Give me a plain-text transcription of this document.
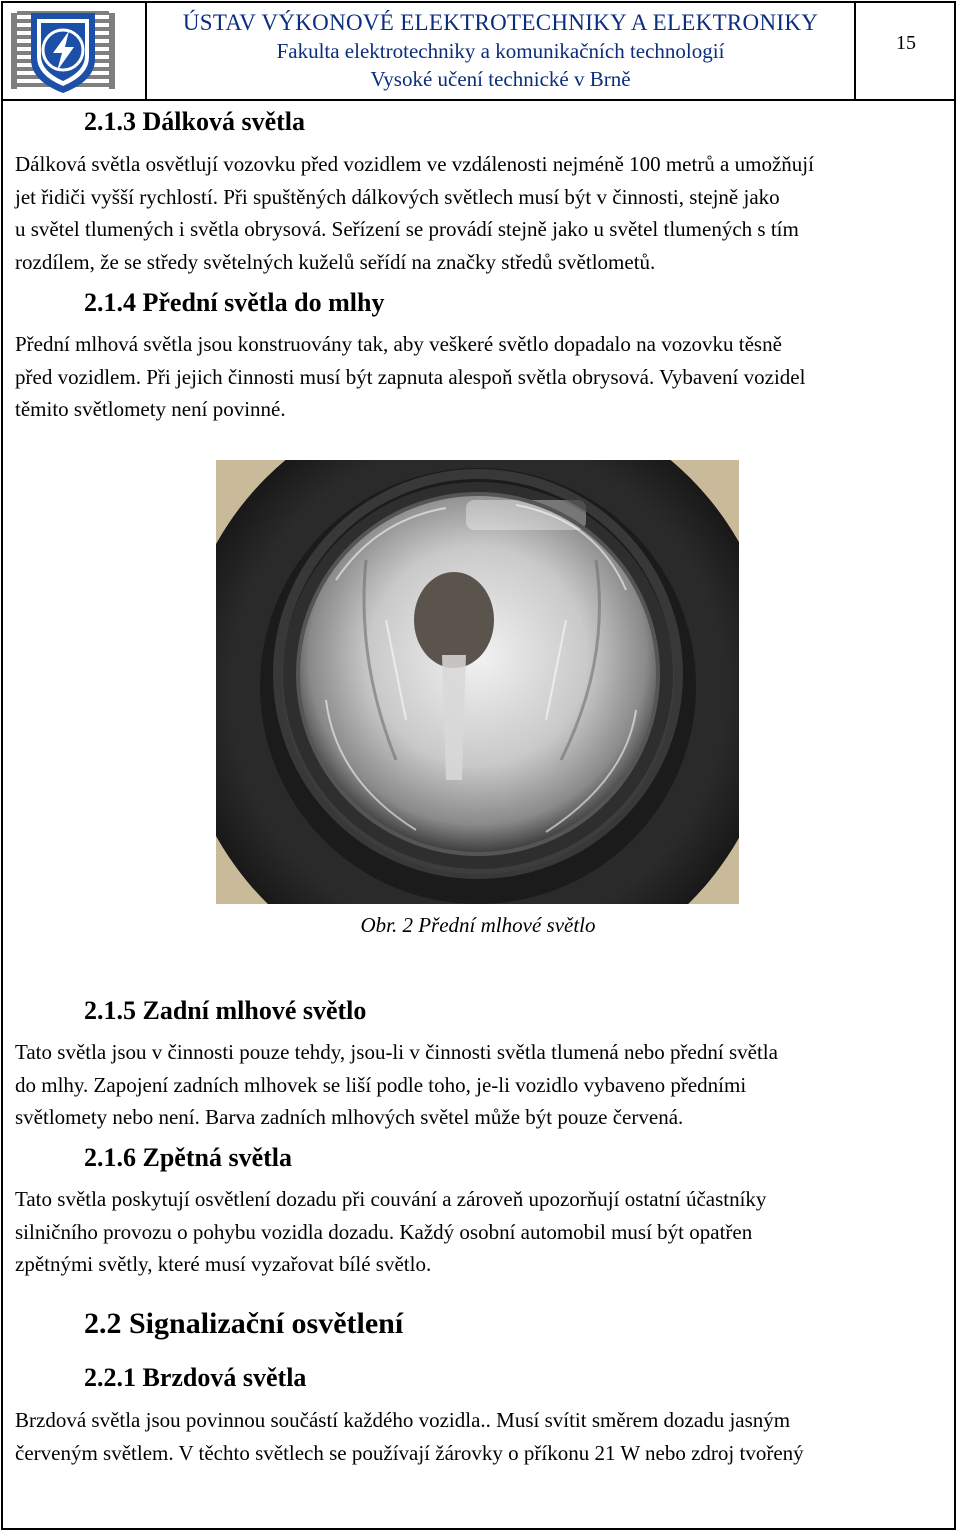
ÚSTAV VÝKONOVÉ ELEKTROTECHNIKY A ELEKTRONIKY
Fakulta elektrotechniky a komunikačních technologií
Vysoké učení technické v Brně
15
2.1.3 Dálková světla
Dálková světla osvětlují vozovku před vozidlem ve vzdálenosti nejméně 100 metrů a umožňují
jet řidiči vyšší rychlostí. Při spuštěných dálkových světlech musí být v činnosti, stejně jako
u světel tlumených i světla obrysová. Seřízení se provádí stejně jako u světel tlumených s tím
rozdílem, že se středy světelných kuželů seřídí na značky středů světlometů.
2.1.4 Přední světla do mlhy
Přední mlhová světla jsou konstruovány tak, aby veškeré světlo dopadalo na vozovku těsně
před vozidlem. Při jejich činnosti musí být zapnuta alespoň světla obrysová. Vybavení vozidel
těmito světlomety není povinné.
Obr. 2 Přední mlhové světlo
2.1.5 Zadní mlhové světlo
Tato světla jsou v činnosti pouze tehdy, jsou-li v činnosti světla tlumená nebo přední světla
do mlhy. Zapojení zadních mlhovek se liší podle toho, je-li vozidlo vybaveno předními
světlomety nebo není. Barva zadních mlhových světel může být pouze červená.
2.1.6 Zpětná světla
Tato světla poskytují osvětlení dozadu při couvání a zároveň upozorňují ostatní účastníky
silničního provozu o pohybu vozidla dozadu. Každý osobní automobil musí být opatřen
zpětnými světly, které musí vyzařovat bílé světlo.
2.2 Signalizační osvětlení
2.2.1 Brzdová světla
Brzdová světla jsou povinnou součástí každého vozidla.. Musí svítit směrem dozadu jasným
červeným světlem. V těchto světlech se používají žárovky o příkonu 21 W nebo zdroj tvořený
